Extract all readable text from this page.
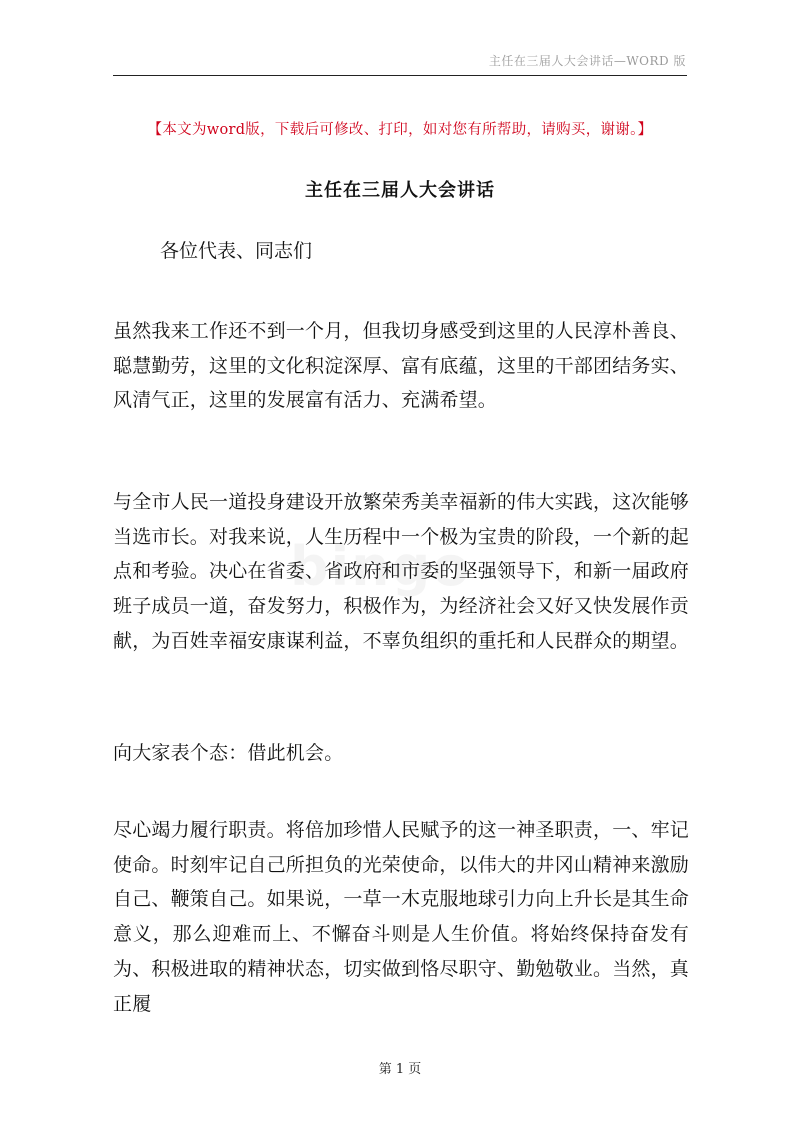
主任在三届人大会讲话—WORD 版
【本文为word版，下载后可修改、打印，如对您有所帮助，请购买，谢谢。】
主任在三届人大会讲话

各位代表、同志们

虽然我来工作还不到一个月，但我切身感受到这里的人民淳朴善良、聪慧勤劳，这里的文化积淀深厚、富有底蕴，这里的干部团结务实、风清气正，这里的发展富有活力、充满希望。

与全市人民一道投身建设开放繁荣秀美幸福新的伟大实践，这次能够当选市长。对我来说，人生历程中一个极为宝贵的阶段，一个新的起点和考验。决心在省委、省政府和市委的坚强领导下，和新一届政府班子成员一道，奋发努力，积极作为，为经济社会又好又快发展作贡献，为百姓幸福安康谋利益，不辜负组织的重托和人民群众的期望。

向大家表个态：借此机会。

尽心竭力履行职责。将倍加珍惜人民赋予的这一神圣职责，一、牢记使命。时刻牢记自己所担负的光荣使命，以伟大的井冈山精神来激励自己、鞭策自己。如果说，一草一木克服地球引力向上升长是其生命意义，那么迎难而上、不懈奋斗则是人生价值。将始终保持奋发有为、积极进取的精神状态，切实做到恪尽职守、勤勉敬业。当然，真正履

第 1 页
